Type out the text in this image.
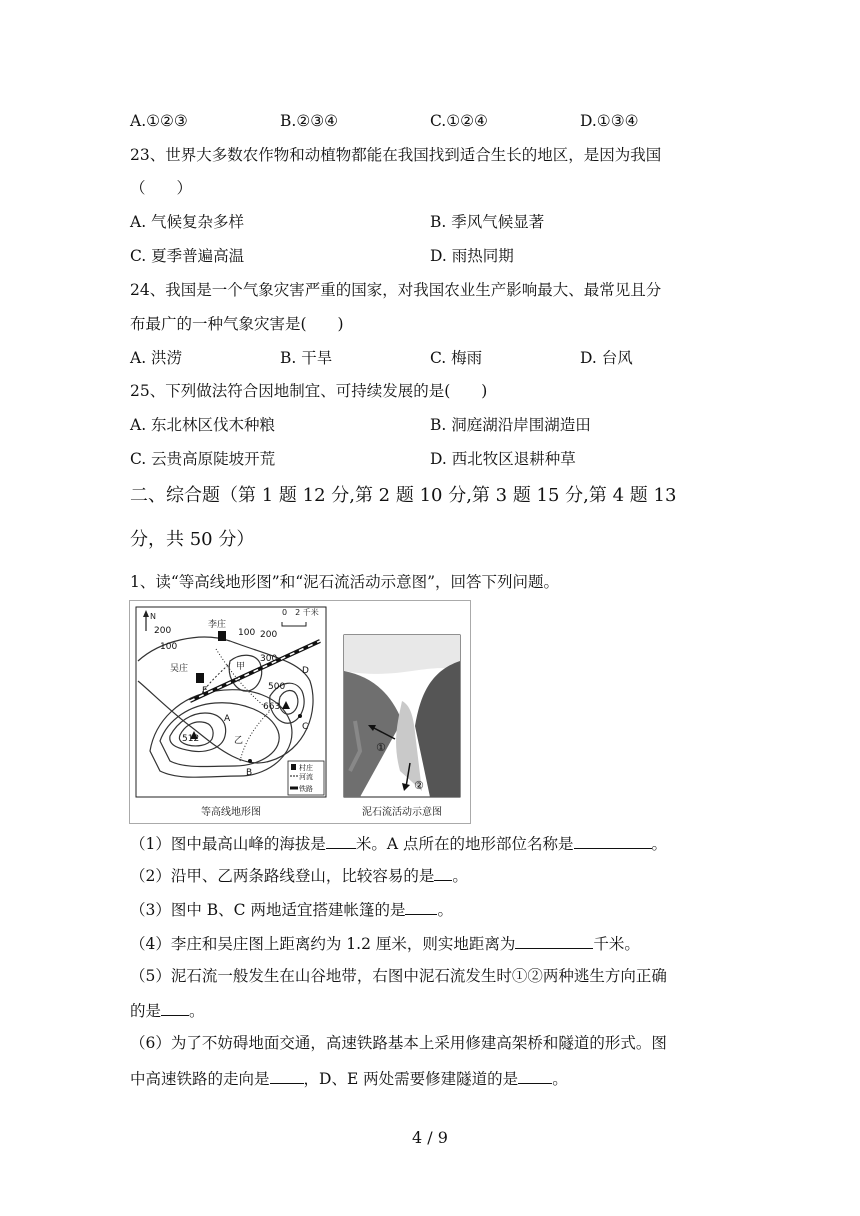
A.①②③	B.②③④	C.①②④	D.①③④
23、世界大多数农作物和动植物都能在我国找到适合生长的地区，是因为我国
（　　）
A. 气候复杂多样	B. 季风气候显著
C. 夏季普遍高温	D. 雨热同期
24、我国是一个气象灾害严重的国家，对我国农业生产影响最大、最常见且分
布最广的一种气象灾害是(　　)
A. 洪涝	B. 干旱	C. 梅雨	D. 台风
25、下列做法符合因地制宜、可持续发展的是(　　)
A. 东北林区伐木种粮	B. 洞庭湖沿岸围湖造田
C. 云贵高原陡坡开荒	D. 西北牧区退耕种草
二、综合题（第 1 题 12 分,第 2 题 10 分,第 3 题 15 分,第 4 题 13
分，共 50 分）
1、读“等高线地形图”和“泥石流活动示意图”，回答下列问题。
N	0　2 千米
李庄
吴庄
200
100
100 200
300
500
663
512
甲
乙
A
B
C
D
E
村庄
河流
铁路
等高线地形图
①
②
泥石流活动示意图
（1）图中最高山峰的海拔是 米。A 点所在的地形部位名称是	。
（2）沿甲、乙两条路线登山，比较容易的是 。
（3）图中 B、C 两地适宜搭建帐篷的是 。
（4）李庄和吴庄图上距离约为 1.2 厘米，则实地距离为	千米。
（5）泥石流一般发生在山谷地带，右图中泥石流发生时①②两种逃生方向正确
的是 。
（6）为了不妨碍地面交通，高速铁路基本上采用修建高架桥和隧道的形式。图
中高速铁路的走向是 ，D、E 两处需要修建隧道的是 。
4 / 9
